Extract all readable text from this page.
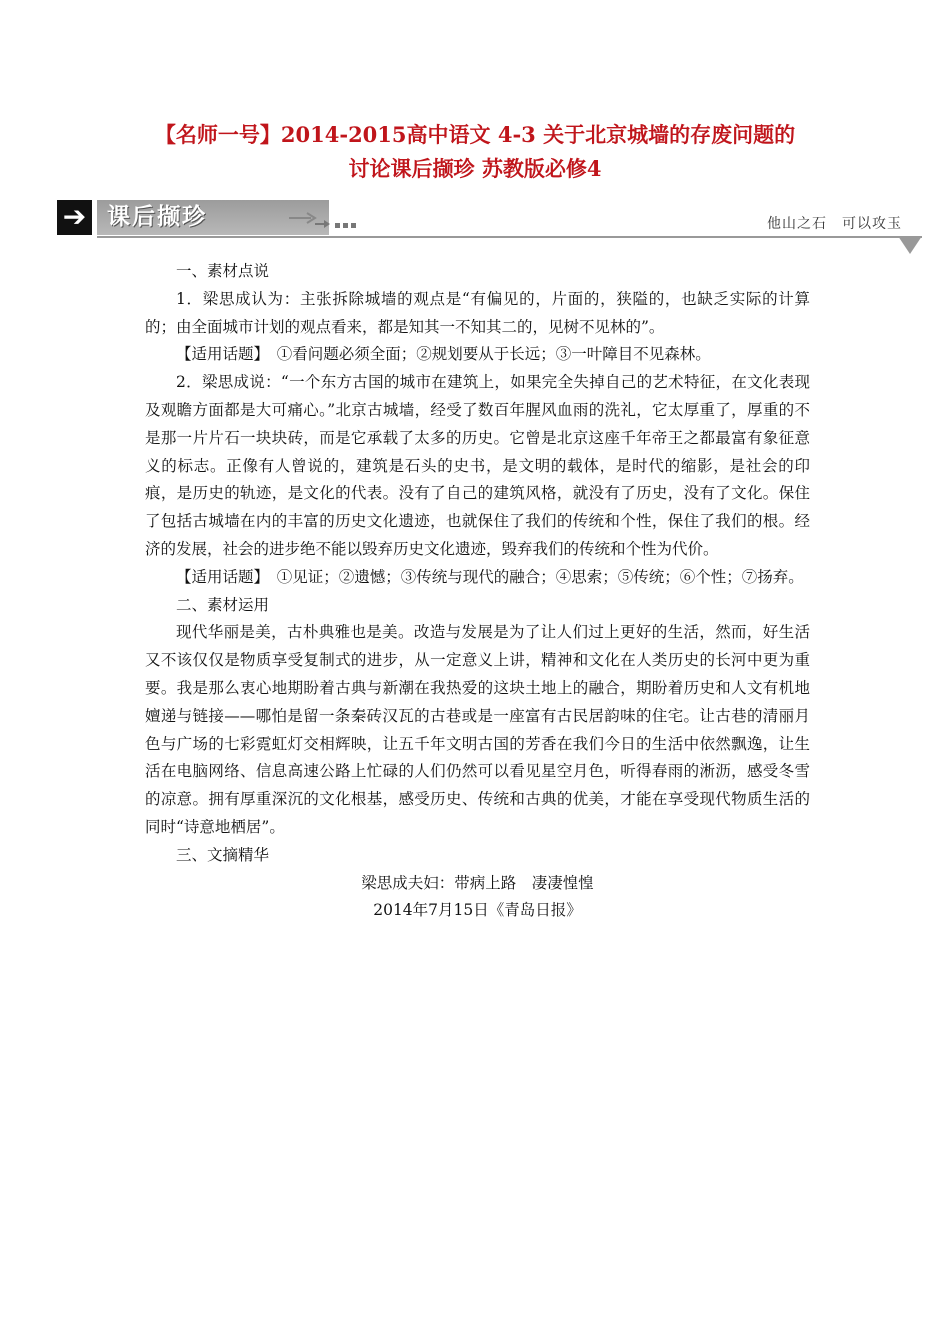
【名师一号】2014-2015高中语文 4-3 关于北京城墙的存废问题的
讨论课后撷珍 苏教版必修4
➔ 课后撷珍	他山之石　可以攻玉

一、素材点说

1．梁思成认为：主张拆除城墙的观点是“有偏见的，片面的，狭隘的，也缺乏实际的计算的；由全面城市计划的观点看来，都是知其一不知其二的，见树不见林的”。

【适用话题】　①看问题必须全面；②规划要从于长远；③一叶障目不见森林。

2．梁思成说：“一个东方古国的城市在建筑上，如果完全失掉自己的艺术特征，在文化表现及观瞻方面都是大可痛心。”北京古城墙，经受了数百年腥风血雨的洗礼，它太厚重了，厚重的不是那一片片石一块块砖，而是它承载了太多的历史。它曾是北京这座千年帝王之都最富有象征意义的标志。正像有人曾说的，建筑是石头的史书，是文明的载体，是时代的缩影，是社会的印痕，是历史的轨迹，是文化的代表。没有了自己的建筑风格，就没有了历史，没有了文化。保住了包括古城墙在内的丰富的历史文化遗迹，也就保住了我们的传统和个性，保住了我们的根。经济的发展，社会的进步绝不能以毁弃历史文化遗迹，毁弃我们的传统和个性为代价。

【适用话题】　①见证；②遗憾；③传统与现代的融合；④思索；⑤传统；⑥个性；⑦扬弃。

二、素材运用

现代华丽是美，古朴典雅也是美。改造与发展是为了让人们过上更好的生活，然而，好生活又不该仅仅是物质享受复制式的进步，从一定意义上讲，精神和文化在人类历史的长河中更为重要。我是那么衷心地期盼着古典与新潮在我热爱的这块土地上的融合，期盼着历史和人文有机地嬗递与链接——哪怕是留一条秦砖汉瓦的古巷或是一座富有古民居韵味的住宅。让古巷的清丽月色与广场的七彩霓虹灯交相辉映，让五千年文明古国的芳香在我们今日的生活中依然飘逸，让生活在电脑网络、信息高速公路上忙碌的人们仍然可以看见星空月色，听得春雨的淅沥，感受冬雪的凉意。拥有厚重深沉的文化根基，感受历史、传统和古典的优美，才能在享受现代物质生活的同时“诗意地栖居”。

三、文摘精华

梁思成夫妇：带病上路　凄凄惶惶

2014年7月15日《青岛日报》
